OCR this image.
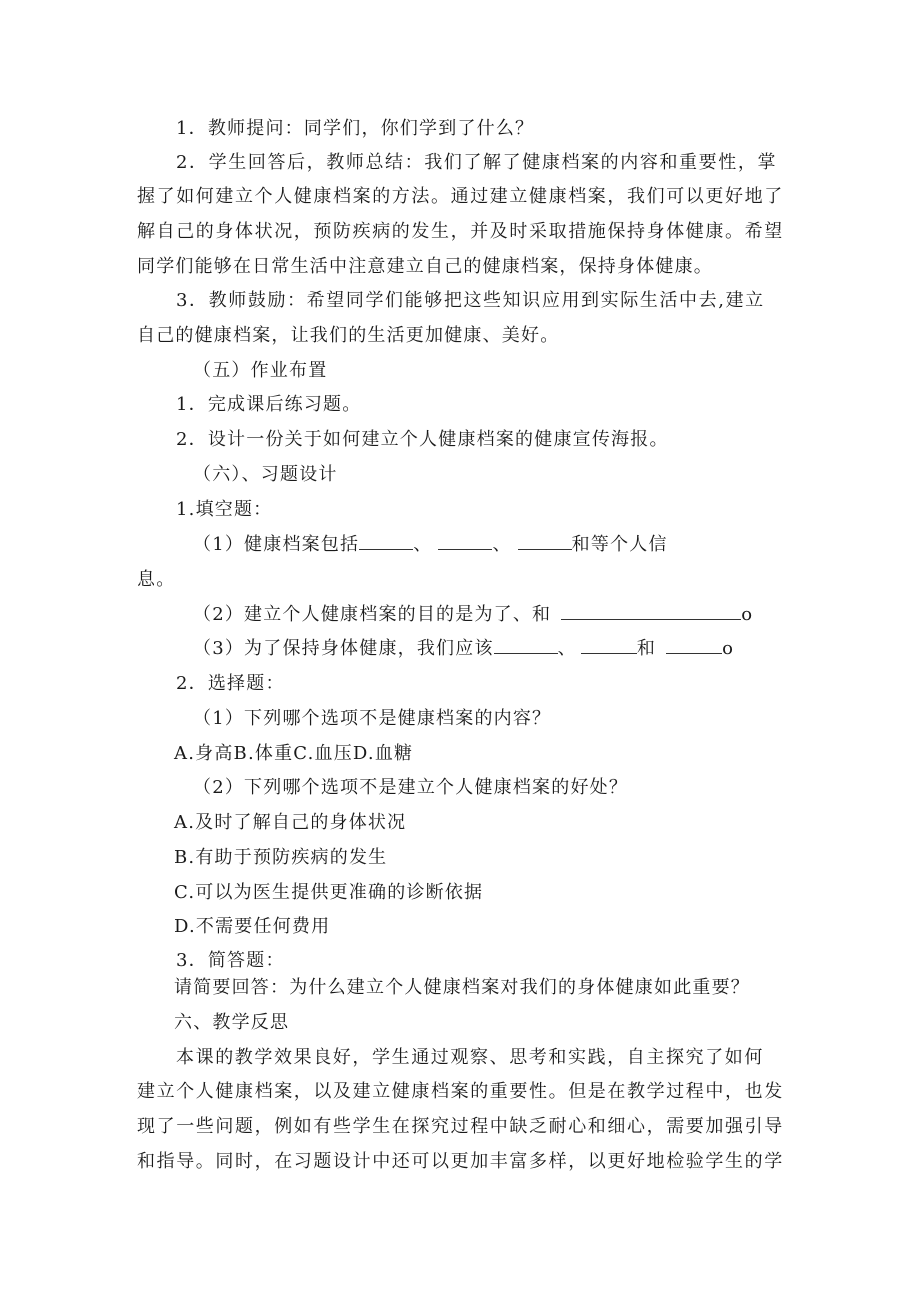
1．教师提问：同学们，你们学到了什么？
2．学生回答后，教师总结：我们了解了健康档案的内容和重要性，掌
握了如何建立个人健康档案的方法。通过建立健康档案，我们可以更好地了
解自己的身体状况，预防疾病的发生，并及时采取措施保持身体健康。希望
同学们能够在日常生活中注意建立自己的健康档案，保持身体健康。
3．教师鼓励：希望同学们能够把这些知识应用到实际生活中去,建立
自己的健康档案，让我们的生活更加健康、美好。
（五）作业布置
1．完成课后练习题。
2．设计一份关于如何建立个人健康档案的健康宣传海报。
（六）、习题设计
1.填空题：
（1）健康档案包括	、	、	和等个人信
息。
（2）建立个人健康档案的目的是为了、和	o
（3）为了保持身体健康，我们应该	、	和	o
2．选择题：
（1）下列哪个选项不是健康档案的内容？
A.身高B.体重C.血压D.血糖
（2）下列哪个选项不是建立个人健康档案的好处？
A.及时了解自己的身体状况
B.有助于预防疾病的发生
C.可以为医生提供更准确的诊断依据
D.不需要任何费用
3．简答题：
请简要回答：为什么建立个人健康档案对我们的身体健康如此重要？
六、教学反思
本课的教学效果良好，学生通过观察、思考和实践，自主探究了如何
建立个人健康档案，以及建立健康档案的重要性。但是在教学过程中，也发
现了一些问题，例如有些学生在探究过程中缺乏耐心和细心，需要加强引导
和指导。同时，在习题设计中还可以更加丰富多样，以更好地检验学生的学
